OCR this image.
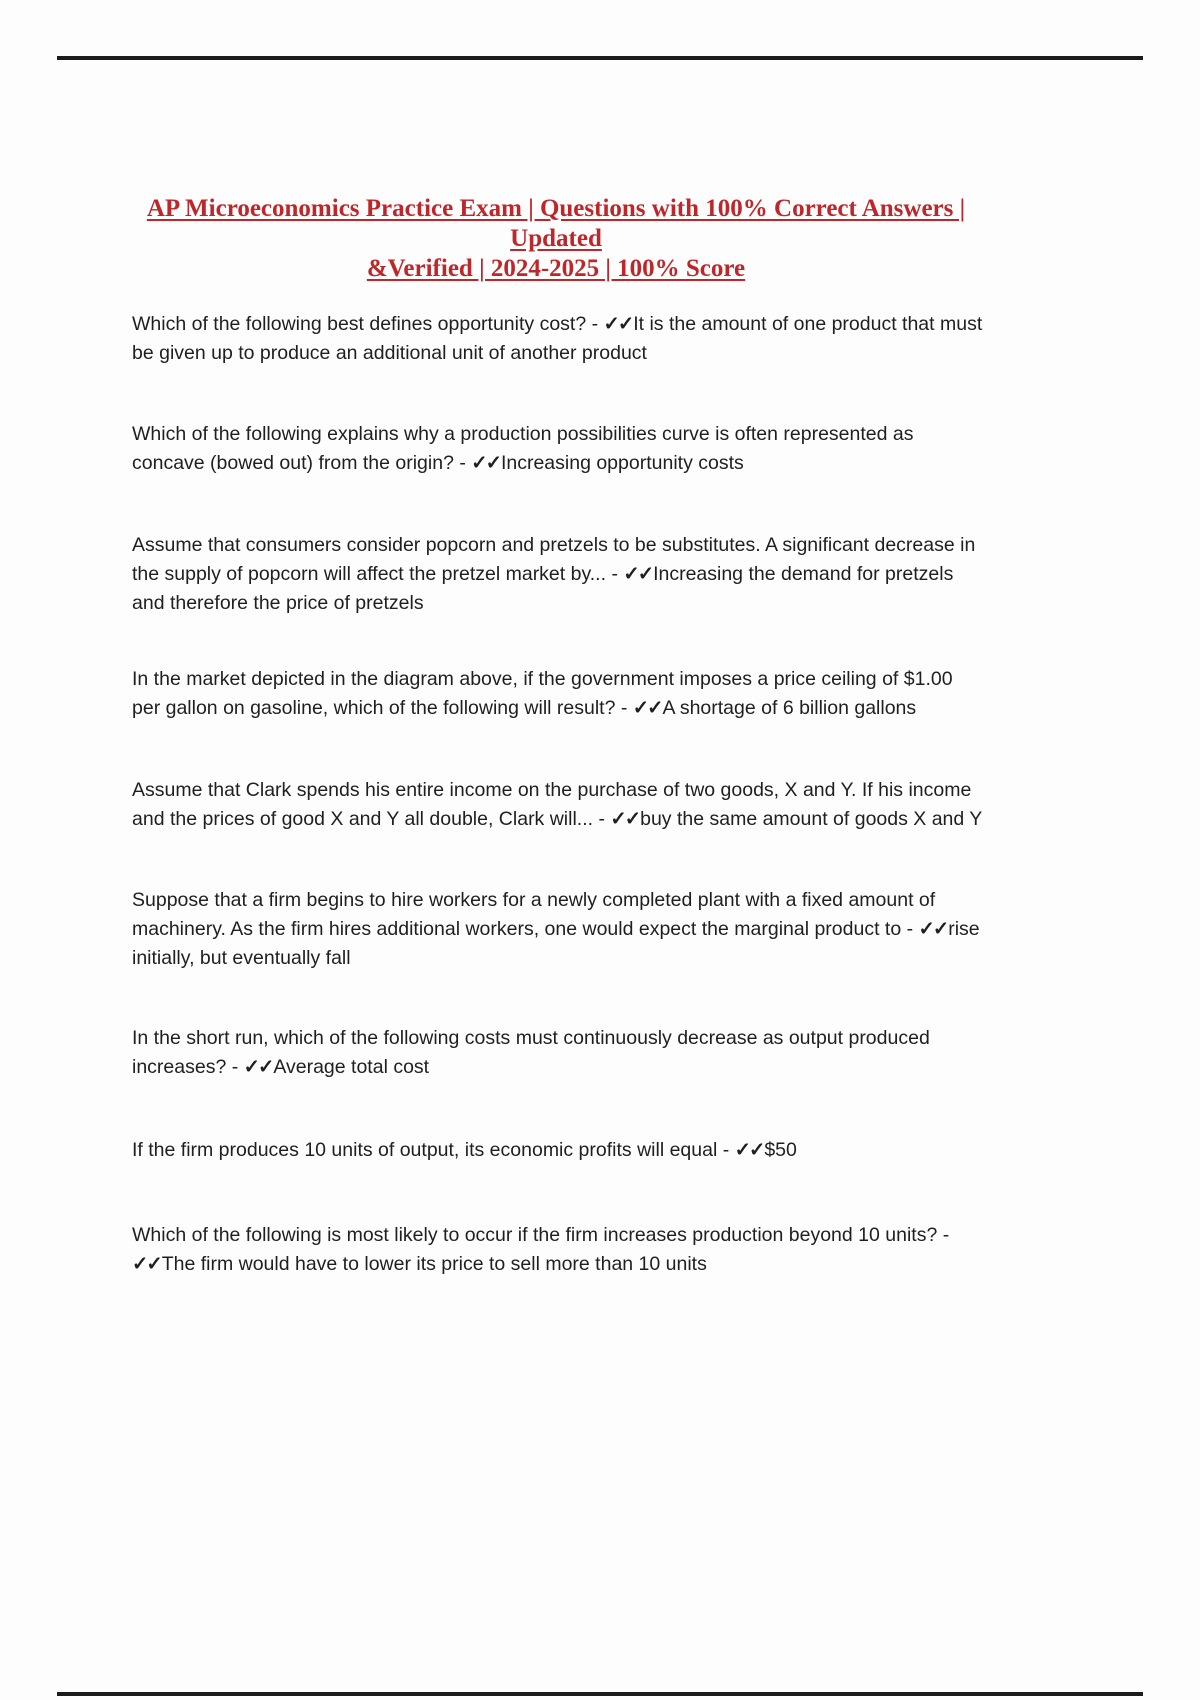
AP Microeconomics Practice Exam | Questions with 100% Correct Answers | Updated
&Verified | 2024-2025 | 100% Score

Which of the following best defines opportunity cost? - ✓✓It is the amount of one product that must be given up to produce an additional unit of another product

Which of the following explains why a production possibilities curve is often represented as concave (bowed out) from the origin? - ✓✓Increasing opportunity costs

Assume that consumers consider popcorn and pretzels to be substitutes. A significant decrease in the supply of popcorn will affect the pretzel market by... - ✓✓Increasing the demand for pretzels and therefore the price of pretzels

In the market depicted in the diagram above, if the government imposes a price ceiling of $1.00 per gallon on gasoline, which of the following will result? - ✓✓A shortage of 6 billion gallons

Assume that Clark spends his entire income on the purchase of two goods, X and Y. If his income and the prices of good X and Y all double, Clark will... - ✓✓buy the same amount of goods X and Y

Suppose that a firm begins to hire workers for a newly completed plant with a fixed amount of machinery. As the firm hires additional workers, one would expect the marginal product to - ✓✓rise initially, but eventually fall

In the short run, which of the following costs must continuously decrease as output produced increases? - ✓✓Average total cost

If the firm produces 10 units of output, its economic profits will equal - ✓✓$50

Which of the following is most likely to occur if the firm increases production beyond 10 units? - ✓✓The firm would have to lower its price to sell more than 10 units
